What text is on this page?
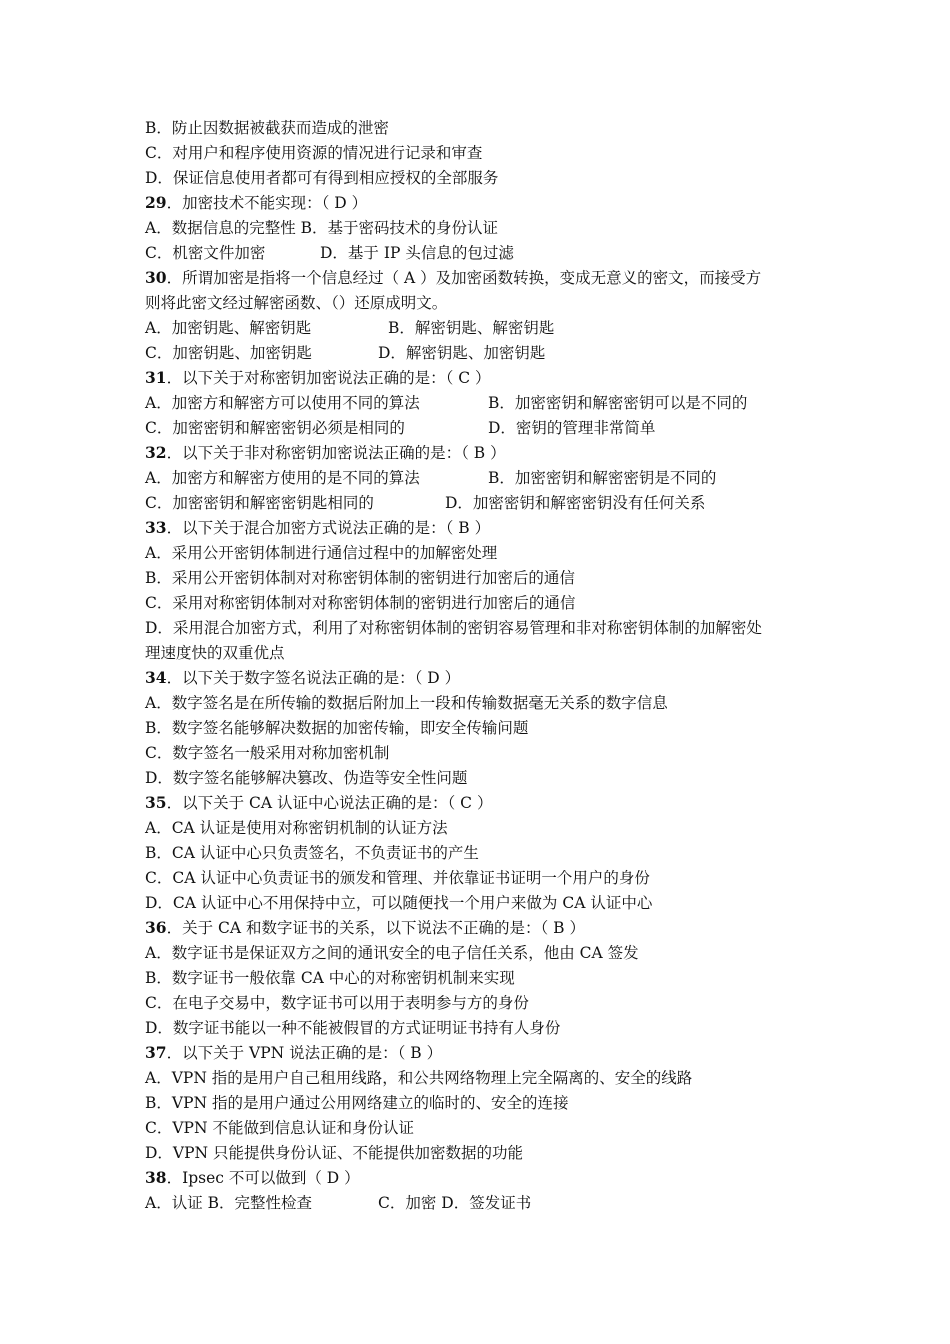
B．防止因数据被截获而造成的泄密
C．对用户和程序使用资源的情况进行记录和审查
D．保证信息使用者都可有得到相应授权的全部服务
29．加密技术不能实现：（ D ）
A．数据信息的完整性 B．基于密码技术的身份认证
C．机密文件加密	D．基于 IP 头信息的包过滤
30．所谓加密是指将一个信息经过（ A ）及加密函数转换，变成无意义的密文，而接受方
则将此密文经过解密函数、（）还原成明文。
A．加密钥匙、解密钥匙	B．解密钥匙、解密钥匙
C．加密钥匙、加密钥匙	D．解密钥匙、加密钥匙
31．以下关于对称密钥加密说法正确的是：（ C ）
A．加密方和解密方可以使用不同的算法	B．加密密钥和解密密钥可以是不同的
C．加密密钥和解密密钥必须是相同的	D．密钥的管理非常简单
32．以下关于非对称密钥加密说法正确的是：（ B ）
A．加密方和解密方使用的是不同的算法	B．加密密钥和解密密钥是不同的
C．加密密钥和解密密钥匙相同的	D．加密密钥和解密密钥没有任何关系
33．以下关于混合加密方式说法正确的是：（ B ）
A．采用公开密钥体制进行通信过程中的加解密处理
B．采用公开密钥体制对对称密钥体制的密钥进行加密后的通信
C．采用对称密钥体制对对称密钥体制的密钥进行加密后的通信
D．采用混合加密方式，利用了对称密钥体制的密钥容易管理和非对称密钥体制的加解密处
理速度快的双重优点
34．以下关于数字签名说法正确的是：（ D ）
A．数字签名是在所传输的数据后附加上一段和传输数据毫无关系的数字信息
B．数字签名能够解决数据的加密传输，即安全传输问题
C．数字签名一般采用对称加密机制
D．数字签名能够解决篡改、伪造等安全性问题
35．以下关于 CA 认证中心说法正确的是：（ C ）
A．CA 认证是使用对称密钥机制的认证方法
B．CA 认证中心只负责签名，不负责证书的产生
C．CA 认证中心负责证书的颁发和管理、并依靠证书证明一个用户的身份
D．CA 认证中心不用保持中立，可以随便找一个用户来做为 CA 认证中心
36．关于 CA 和数字证书的关系，以下说法不正确的是：（ B ）
A．数字证书是保证双方之间的通讯安全的电子信任关系，他由 CA 签发
B．数字证书一般依靠 CA 中心的对称密钥机制来实现
C．在电子交易中，数字证书可以用于表明参与方的身份
D．数字证书能以一种不能被假冒的方式证明证书持有人身份
37．以下关于 VPN 说法正确的是：（ B ）
A．VPN 指的是用户自己租用线路，和公共网络物理上完全隔离的、安全的线路
B．VPN 指的是用户通过公用网络建立的临时的、安全的连接
C．VPN 不能做到信息认证和身份认证
D．VPN 只能提供身份认证、不能提供加密数据的功能
38．Ipsec 不可以做到（ D ）
A．认证 B．完整性检查	C．加密 D．签发证书
